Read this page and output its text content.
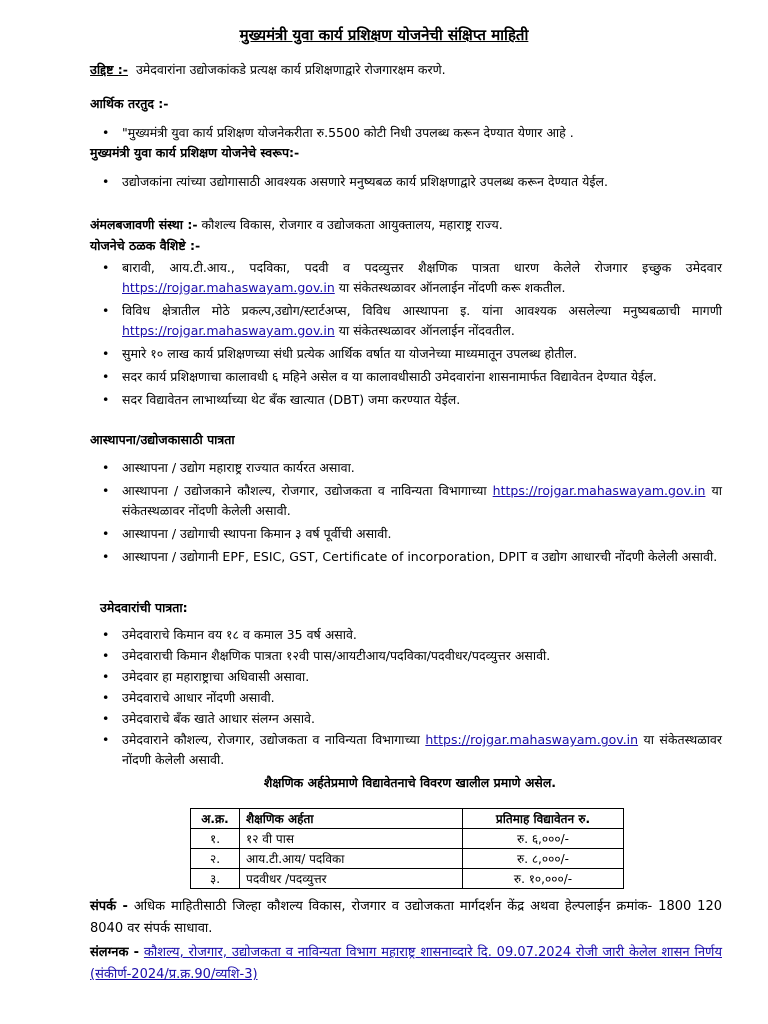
मुख्यमंत्री युवा कार्य प्रशिक्षण योजनेची संक्षिप्त माहिती
उद्दिष्ट :- उमेदवारांना उद्योजकांकडे प्रत्यक्ष कार्य प्रशिक्षणाद्वारे रोजगारक्षम करणे.
आर्थिक तरतुद :-
• "मुख्यमंत्री युवा कार्य प्रशिक्षण योजनेकरीता रु.5500 कोटी निधी उपलब्ध करून देण्यात येणार आहे .
मुख्यमंत्री युवा कार्य प्रशिक्षण योजनेचे स्वरूप:-
• उद्योजकांना त्यांच्या उद्योगासाठी आवश्यक असणारे मनुष्यबळ कार्य प्रशिक्षणाद्वारे उपलब्ध करून देण्यात येईल.
अंमलबजावणी संस्था :- कौशल्य विकास, रोजगार व उद्योजकता आयुक्तालय, महाराष्ट्र राज्य.
योजनेचे ठळक वैशिष्टे :-
• बारावी, आय.टी.आय., पदविका, पदवी व पदव्युत्तर शैक्षणिक पात्रता धारण केलेले रोजगार इच्छुक उमेदवार https://rojgar.mahaswayam.gov.in या संकेतस्थळावर ऑनलाईन नोंदणी करू शकतील.
• विविध क्षेत्रातील मोठे प्रकल्प,उद्योग/स्टार्टअप्स, विविध आस्थापना इ. यांना आवश्यक असलेल्या मनुष्यबळाची मागणी https://rojgar.mahaswayam.gov.in या संकेतस्थळावर ऑनलाईन नोंदवतील.
• सुमारे १० लाख कार्य प्रशिक्षणच्या संधी प्रत्येक आर्थिक वर्षात या योजनेच्या माध्यमातून उपलब्ध होतील.
• सदर कार्य प्रशिक्षणाचा कालावधी ६ महिने असेल व या कालावधीसाठी उमेदवारांना शासनामार्फत विद्यावेतन देण्यात येईल.
• सदर विद्यावेतन लाभार्थ्याच्या थेट बँक खात्यात (DBT) जमा करण्यात येईल.
आस्थापना/उद्योजकासाठी पात्रता
• आस्थापना / उद्योग महाराष्ट्र राज्यात कार्यरत असावा.
• आस्थापना / उद्योजकाने कौशल्य, रोजगार, उद्योजकता व नाविन्यता विभागाच्या https://rojgar.mahaswayam.gov.in या संकेतस्थळावर नोंदणी केलेली असावी.
• आस्थापना / उद्योगाची स्थापना किमान ३ वर्ष पूर्वीची असावी.
• आस्थापना / उद्योगानी EPF, ESIC, GST, Certificate of incorporation, DPIT व उद्योग आधारची नोंदणी केलेली असावी.
उमेदवारांची पात्रता:
• उमेदवाराचे किमान वय १८ व कमाल 35 वर्ष असावे.
• उमेदवाराची किमान शैक्षणिक पात्रता १२वी पास/आयटीआय/पदविका/पदवीधर/पदव्युत्तर असावी.
• उमेदवार हा महाराष्ट्राचा अधिवासी असावा.
• उमेदवाराचे आधार नोंदणी असावी.
• उमेदवाराचे बँक खाते आधार संलग्न असावे.
• उमेदवाराने कौशल्य, रोजगार, उद्योजकता व नाविन्यता विभागाच्या https://rojgar.mahaswayam.gov.in या संकेतस्थळावर नोंदणी केलेली असावी.
शैक्षणिक अर्हतेप्रमाणे विद्यावेतनाचे विवरण खालील प्रमाणे असेल.
अ.क्र.	शैक्षणिक अर्हता	प्रतिमाह विद्यावेतन रु.
१.	१२ वी पास	रु. ६,०००/-
२.	आय.टी.आय/ पदविका	रु. ८,०००/-
३.	पदवीधर /पदव्युत्तर	रु. १०,०००/-
संपर्क - अधिक माहितीसाठी जिल्हा कौशल्य विकास, रोजगार व उद्योजकता मार्गदर्शन केंद्र अथवा हेल्पलाईन क्रमांक- 1800 120 8040 वर संपर्क साधावा.
संलग्नक - कौशल्य, रोजगार, उद्योजकता व नाविन्यता विभाग महाराष्ट्र शासनाव्दारे दि. 09.07.2024 रोजी जारी केलेल शासन निर्णय (संकीर्ण-2024/प्र.क्र.90/व्यशि-3)
